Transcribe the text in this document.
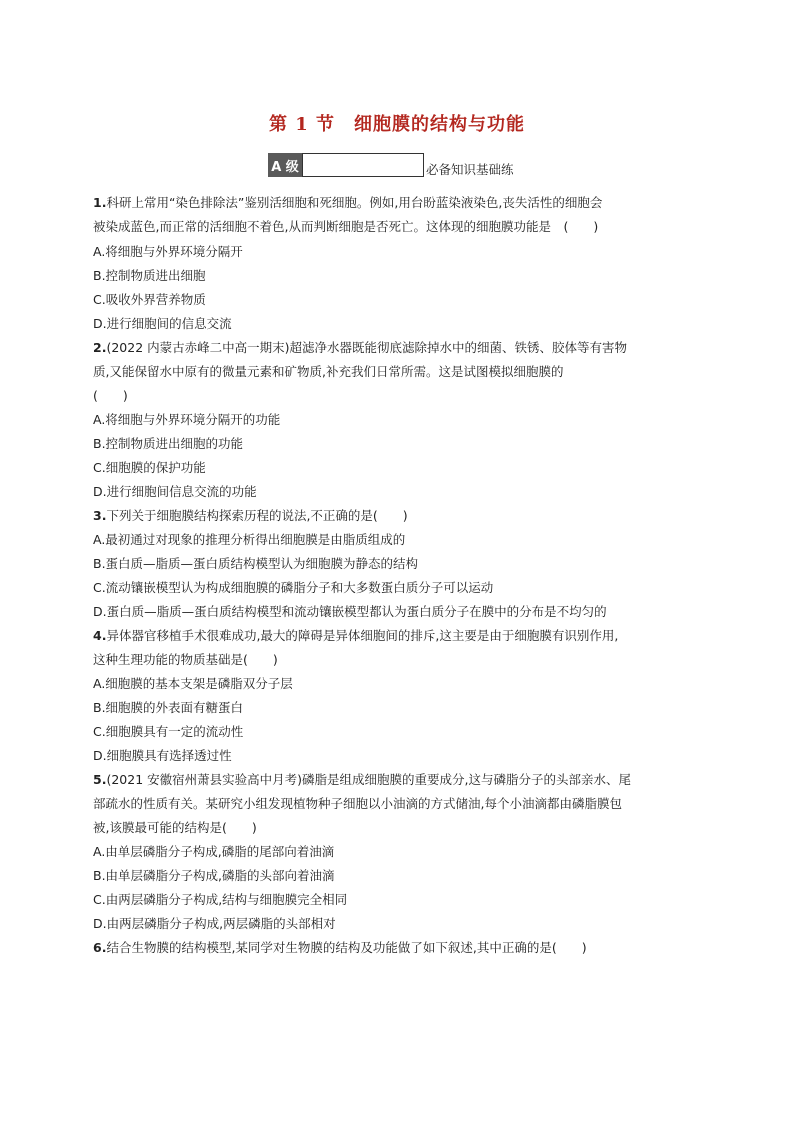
第 1 节　细胞膜的结构与功能
A 级	必备知识基础练
1.科研上常用“染色排除法”鉴别活细胞和死细胞。例如,用台盼蓝染液染色,丧失活性的细胞会
被染成蓝色,而正常的活细胞不着色,从而判断细胞是否死亡。这体现的细胞膜功能是　(　　)
A.将细胞与外界环境分隔开
B.控制物质进出细胞
C.吸收外界营养物质
D.进行细胞间的信息交流
2.(2022 内蒙古赤峰二中高一期末)超滤净水器既能彻底滤除掉水中的细菌、铁锈、胶体等有害物
质,又能保留水中原有的微量元素和矿物质,补充我们日常所需。这是试图模拟细胞膜的
(　　)
A.将细胞与外界环境分隔开的功能
B.控制物质进出细胞的功能
C.细胞膜的保护功能
D.进行细胞间信息交流的功能
3.下列关于细胞膜结构探索历程的说法,不正确的是(　　)
A.最初通过对现象的推理分析得出细胞膜是由脂质组成的
B.蛋白质—脂质—蛋白质结构模型认为细胞膜为静态的结构
C.流动镶嵌模型认为构成细胞膜的磷脂分子和大多数蛋白质分子可以运动
D.蛋白质—脂质—蛋白质结构模型和流动镶嵌模型都认为蛋白质分子在膜中的分布是不均匀的
4.异体器官移植手术很难成功,最大的障碍是异体细胞间的排斥,这主要是由于细胞膜有识别作用,
这种生理功能的物质基础是(　　)
A.细胞膜的基本支架是磷脂双分子层
B.细胞膜的外表面有糖蛋白
C.细胞膜具有一定的流动性
D.细胞膜具有选择透过性
5.(2021 安徽宿州萧县实验高中月考)磷脂是组成细胞膜的重要成分,这与磷脂分子的头部亲水、尾
部疏水的性质有关。某研究小组发现植物种子细胞以小油滴的方式储油,每个小油滴都由磷脂膜包
被,该膜最可能的结构是(　　)
A.由单层磷脂分子构成,磷脂的尾部向着油滴
B.由单层磷脂分子构成,磷脂的头部向着油滴
C.由两层磷脂分子构成,结构与细胞膜完全相同
D.由两层磷脂分子构成,两层磷脂的头部相对
6.结合生物膜的结构模型,某同学对生物膜的结构及功能做了如下叙述,其中正确的是(　　)
